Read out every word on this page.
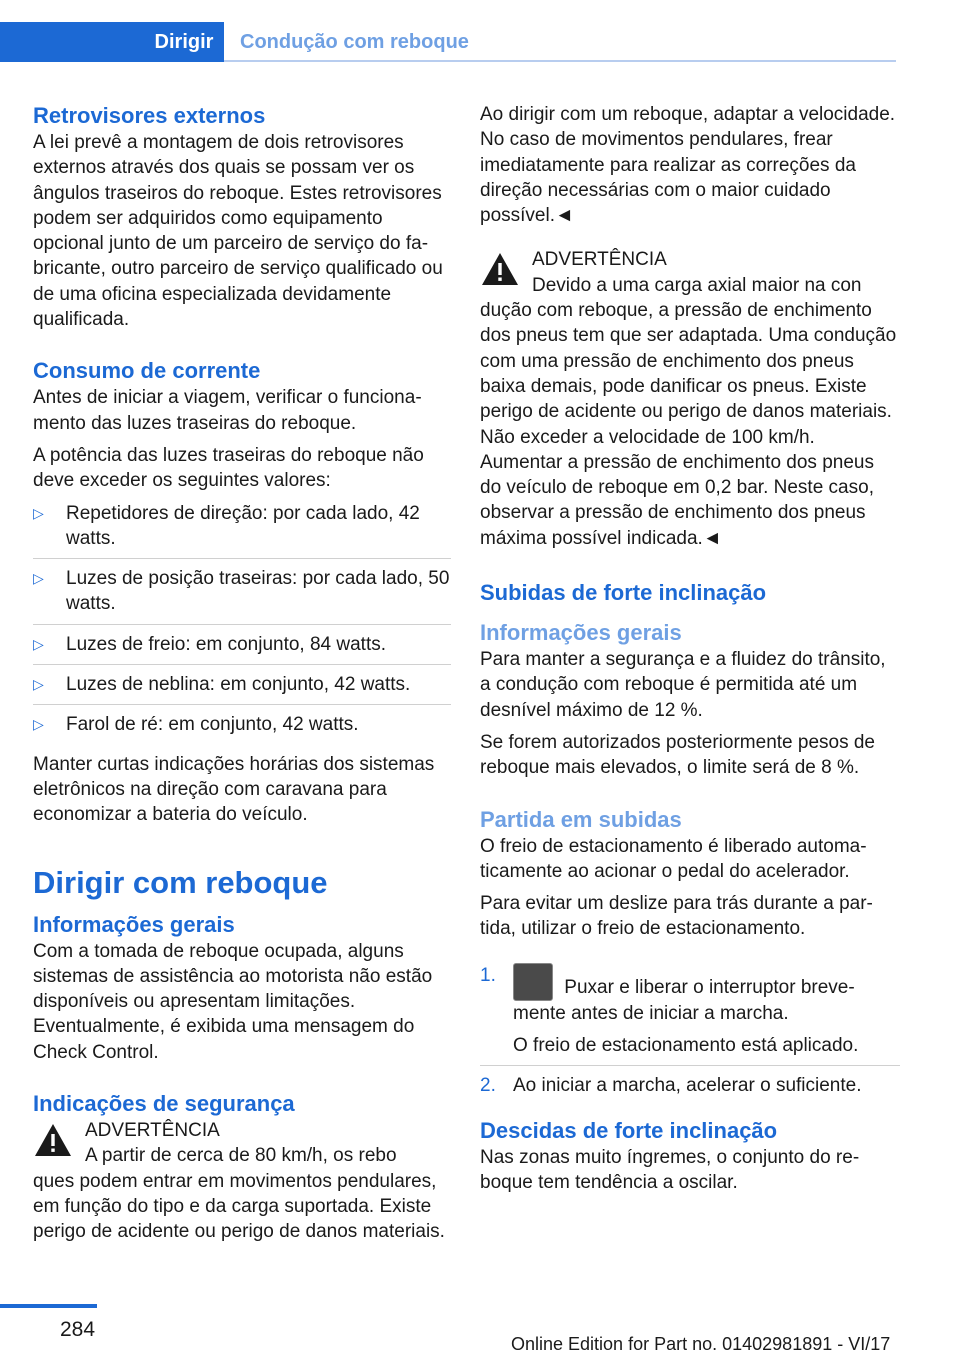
Dirigir	Condução com reboque
Retrovisores externos

A lei prevê a montagem de dois retrovisores externos através dos quais se possam ver os ângulos traseiros do reboque. Estes retrovisores podem ser adquiridos como equipamento opcional junto de um parceiro de serviço do fabricante, outro parceiro de serviço qualificado ou de uma oficina especializada devidamente qualificada.

Consumo de corrente

Antes de iniciar a viagem, verificar o funcionamento das luzes traseiras do reboque.

A potência das luzes traseiras do reboque não deve exceder os seguintes valores:

▷ Repetidores de direção: por cada lado, 42 watts.
▷ Luzes de posição traseiras: por cada lado, 50 watts.
▷ Luzes de freio: em conjunto, 84 watts.
▷ Luzes de neblina: em conjunto, 42 watts.
▷ Farol de ré: em conjunto, 42 watts.

Manter curtas indicações horárias dos sistemas eletrônicos na direção com caravana para economizar a bateria do veículo.

Dirigir com reboque
Informações gerais

Com a tomada de reboque ocupada, alguns sistemas de assistência ao motorista não estão disponíveis ou apresentam limitações. Eventualmente, é exibida uma mensagem do Check Control.

Indicações de segurança
ADVERTÊNCIA
A partir de cerca de 80 km/h, os rebo
ques podem entrar em movimentos pendulares, em função do tipo e da carga suportada. Existe perigo de acidente ou perigo de danos materiais.

Ao dirigir com um reboque, adaptar a velocidade. No caso de movimentos pendulares, frear imediatamente para realizar as correções da direção necessárias com o maior cuidado possível.◄

ADVERTÊNCIA
Devido a uma carga axial maior na con
dução com reboque, a pressão de enchimento dos pneus tem que ser adaptada. Uma condução com uma pressão de enchimento dos pneus baixa demais, pode danificar os pneus. Existe perigo de acidente ou perigo de danos materiais. Não exceder a velocidade de 100 km/h. Aumentar a pressão de enchimento dos pneus do veículo de reboque em 0,2 bar. Neste caso, observar a pressão de enchimento dos pneus máxima possível indicada.◄
Subidas de forte inclinação
Informações gerais

Para manter a segurança e a fluidez do trânsito, a condução com reboque é permitida até um desnível máximo de 12 %.

Se forem autorizados posteriormente pesos de reboque mais elevados, o limite será de 8 %.

Partida em subidas

O freio de estacionamento é liberado automaticamente ao acionar o pedal do acelerador.

Para evitar um deslize para trás durante a partida, utilizar o freio de estacionamento.

1.
Puxar e liberar o interruptor brevemente antes de iniciar a marcha.
O freio de estacionamento está aplicado.
2. Ao iniciar a marcha, acelerar o suficiente.
Descidas de forte inclinação

Nas zonas muito íngremes, o conjunto do reboque tem tendência a oscilar.

284
Online Edition for Part no. 01402981891 - VI/17
